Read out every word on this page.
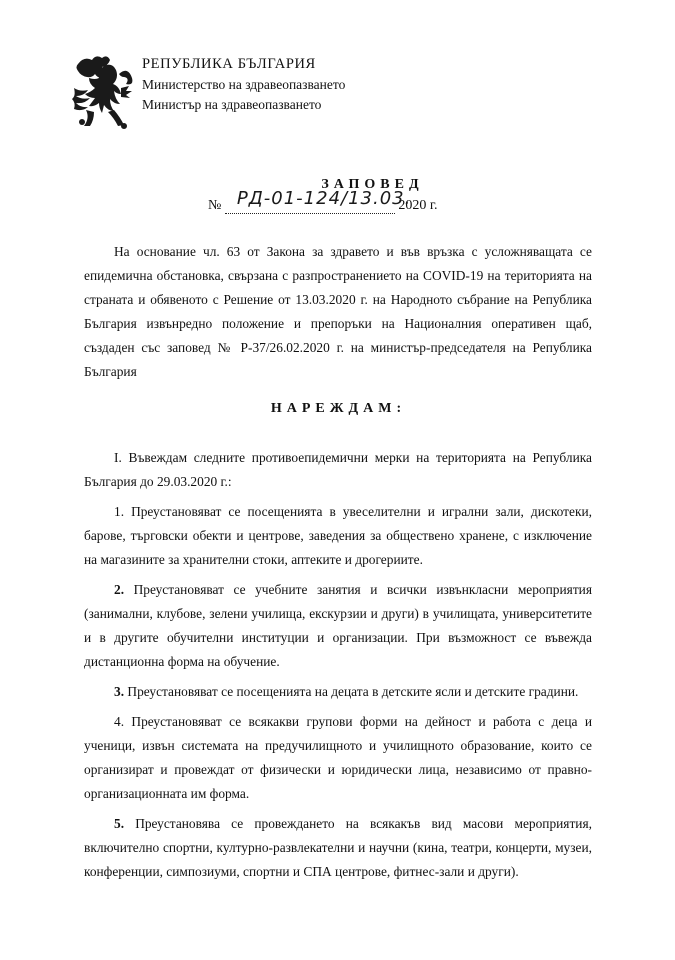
РЕПУБЛИКА БЪЛГАРИЯ
Министерство на здравеопазването
Министър на здравеопазването
ЗАПОВЕД
№ РД-01-124/13.03.
2020 г.

На основание чл. 63 от Закона за здравето и във връзка с усложняващата се епидемична обстановка, свързана с разпространението на COVID-19 на територията на страната и обявеното с Решение от 13.03.2020 г. на Народното събрание на Република България извънредно положение и препоръки на Националния оперативен щаб, създаден със заповед № Р-37/26.02.2020 г. на министър-председателя на Република България

НАРЕЖДАМ:

I. Въвеждам следните противоепидемични мерки на територията на Република България до 29.03.2020 г.:

1. Преустановяват се посещенията в увеселителни и игрални зали, дискотеки, барове, търговски обекти и центрове, заведения за обществено хранене, с изключение на магазините за хранителни стоки, аптеките и дрогериите.

2. Преустановяват се учебните занятия и всички извънкласни мероприятия (занимални, клубове, зелени училища, екскурзии и други) в училищата, университетите и в другите обучителни институции и организации. При възможност се въвежда дистанционна форма на обучение.

3. Преустановяват се посещенията на децата в детските ясли и детските градини.

4. Преустановяват се всякакви групови форми на дейност и работа с деца и ученици, извън системата на предучилищното и училищното образование, които се организират и провеждат от физически и юридически лица, независимо от правно-организационната им форма.

5. Преустановява се провеждането на всякакъв вид масови мероприятия, включително спортни, културно-развлекателни и научни (кина, театри, концерти, музеи, конференции, симпозиуми, спортни и СПА центрове, фитнес-зали и други).
